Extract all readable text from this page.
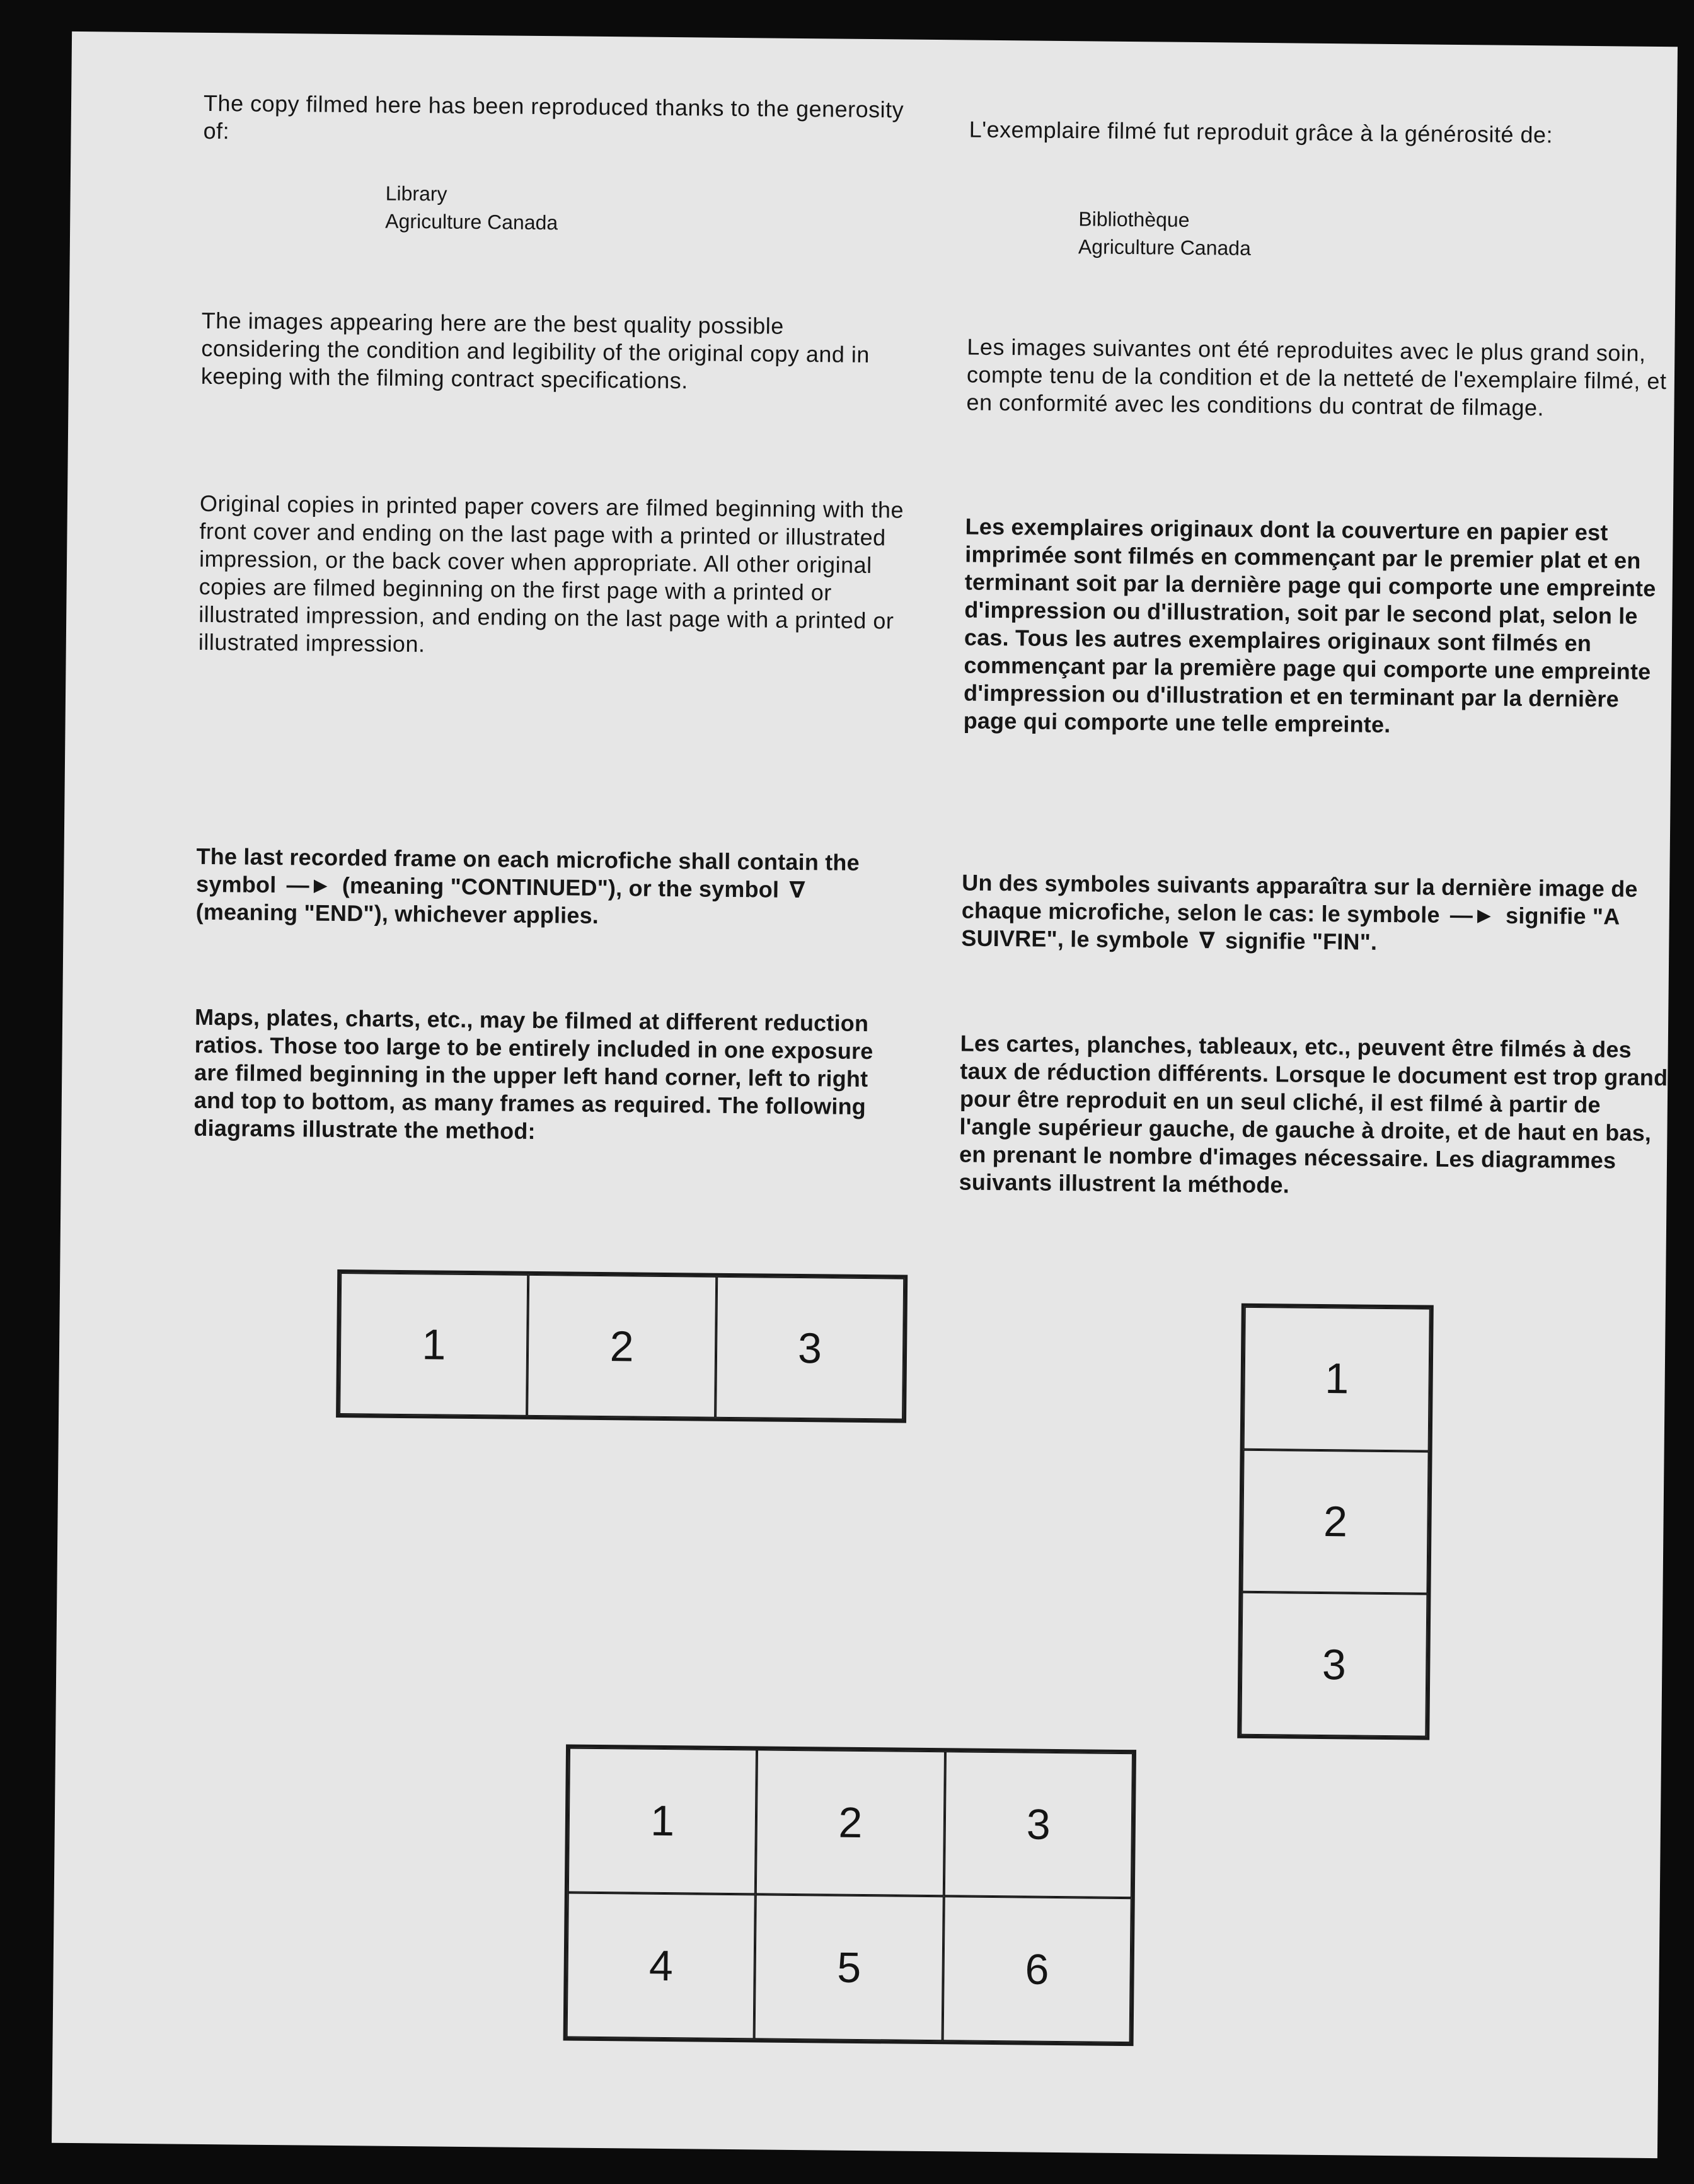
The copy filmed here has been reproduced thanks to the generosity of:

Library

Agriculture Canada

The images appearing here are the best quality possible considering the condition and legibility of the original copy and in keeping with the filming contract specifications.

Original copies in printed paper covers are filmed beginning with the front cover and ending on the last page with a printed or illustrated impression, or the back cover when appropriate. All other original copies are filmed beginning on the first page with a printed or illustrated impression, and ending on the last page with a printed or illustrated impression.

The last recorded frame on each microfiche shall contain the symbol —► (meaning "CONTINUED"), or the symbol ∇ (meaning "END"), whichever applies.

Maps, plates, charts, etc., may be filmed at different reduction ratios. Those too large to be entirely included in one exposure are filmed beginning in the upper left hand corner, left to right and top to bottom, as many frames as required. The following diagrams illustrate the method:

L'exemplaire filmé fut reproduit grâce à la générosité de:

Bibliothèque

Agriculture Canada

Les images suivantes ont été reproduites avec le plus grand soin, compte tenu de la condition et de la netteté de l'exemplaire filmé, et en conformité avec les conditions du contrat de filmage.

Les exemplaires originaux dont la couverture en papier est imprimée sont filmés en commençant par le premier plat et en terminant soit par la dernière page qui comporte une empreinte d'impression ou d'illustration, soit par le second plat, selon le cas. Tous les autres exemplaires originaux sont filmés en commençant par la première page qui comporte une empreinte d'impression ou d'illustration et en terminant par la dernière page qui comporte une telle empreinte.

Un des symboles suivants apparaîtra sur la dernière image de chaque microfiche, selon le cas: le symbole —► signifie "A SUIVRE", le symbole ∇ signifie "FIN".

Les cartes, planches, tableaux, etc., peuvent être filmés à des taux de réduction différents. Lorsque le document est trop grand pour être reproduit en un seul cliché, il est filmé à partir de l'angle supérieur gauche, de gauche à droite, et de haut en bas, en prenant le nombre d'images nécessaire. Les diagrammes suivants illustrent la méthode.

1	2	3
1
2
3
1	2	3
4	5	6
